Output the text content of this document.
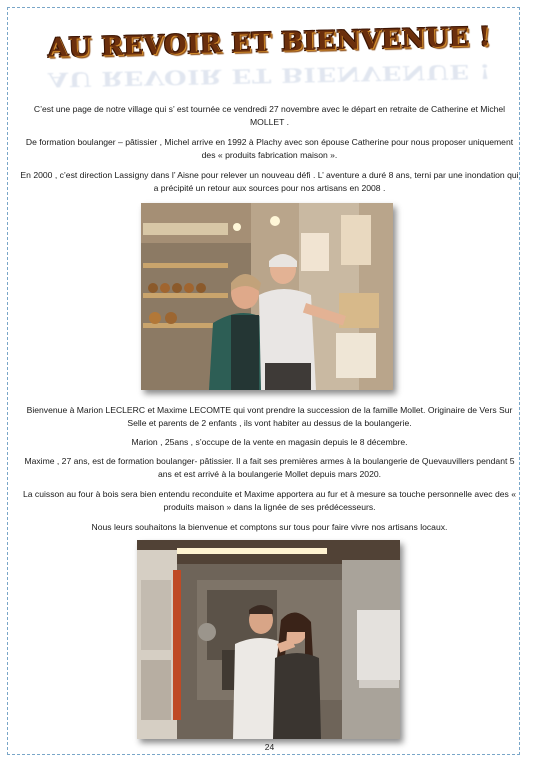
AU REVOIR ET BIENVENUE !
AU REVOIR ET BIENVENUE !

C’est une page de notre village qui s’ est tournée ce vendredi 27 novembre avec le départ en retraite de Catherine et Michel MOLLET .

De formation boulanger – pâtissier , Michel arrive en 1992 à Plachy avec son épouse Catherine pour nous proposer uniquement des « produits fabrication maison ».

En 2000 , c’est direction Lassigny dans l’ Aisne pour relever un nouveau défi . L’ aventure a duré 8 ans, terni par une inondation qui a précipité un retour aux sources pour nos artisans en 2008 .

Bienvenue à Marion LECLERC et Maxime LECOMTE qui vont prendre la succession de la famille Mollet. Originaire de Vers Sur Selle et parents de 2 enfants , ils vont habiter au dessus de la boulangerie.

Marion , 25ans , s’occupe de la vente en magasin depuis le 8 décembre.

Maxime , 27 ans, est de formation boulanger- pâtissier. Il a fait ses premières armes à la boulangerie de Quevauvillers pendant 5 ans et est arrivé à la boulangerie Mollet depuis mars 2020.

La cuisson au four à bois sera bien entendu reconduite et Maxime apportera au fur et à mesure sa touche personnelle avec des « produits maison » dans la lignée de ses prédécesseurs.

Nous leurs souhaitons la bienvenue et comptons sur tous pour faire vivre nos artisans locaux.

24
